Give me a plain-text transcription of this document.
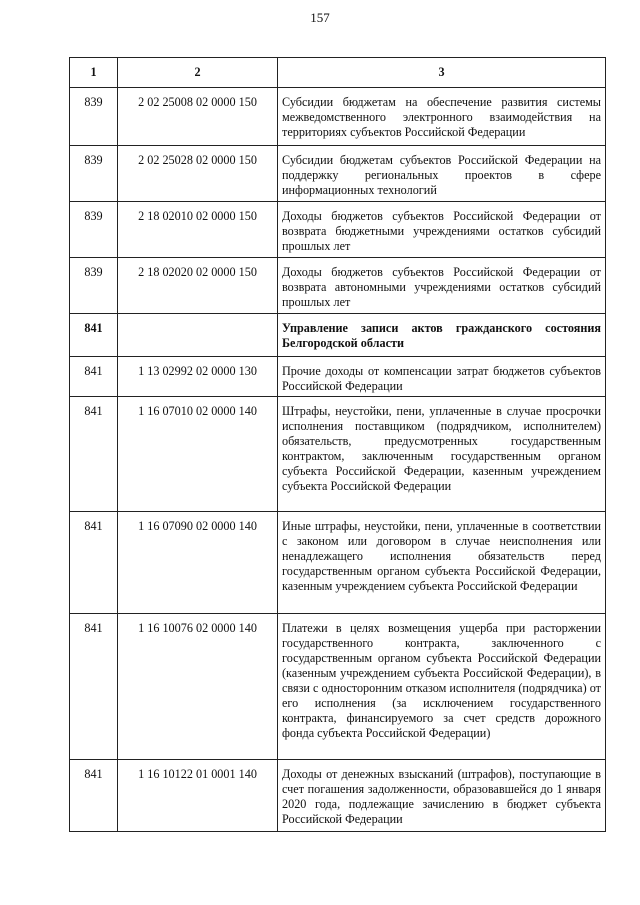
157
1	2	3

839	2 02 25008 02 0000 150	Субсидии бюджетам на обеспечение развития системы межведомственного электронного взаимодействия на территориях субъектов Российской Федерации

839	2 02 25028 02 0000 150	Субсидии бюджетам субъектов Российской Федерации на поддержку региональных проектов в сфере информационных технологий

839	2 18 02010 02 0000 150	Доходы бюджетов субъектов Российской Федерации от возврата бюджетными учреждениями остатков субсидий прошлых лет

839	2 18 02020 02 0000 150	Доходы бюджетов субъектов Российской Федерации от возврата автономными учреждениями остатков субсидий прошлых лет

841		Управление записи актов гражданского состояния Белгородской области

841	1 13 02992 02 0000 130	Прочие доходы от компенсации затрат бюджетов субъектов Российской Федерации

841	1 16 07010 02 0000 140	Штрафы, неустойки, пени, уплаченные в случае просрочки исполнения поставщиком (подрядчиком, исполнителем) обязательств, предусмотренных государственным контрактом, заключенным государственным органом субъекта Российской Федерации, казенным учреждением субъекта Российской Федерации

841	1 16 07090 02 0000 140	Иные штрафы, неустойки, пени, уплаченные в соответствии с законом или договором в случае неисполнения или ненадлежащего исполнения обязательств перед государственным органом субъекта Российской Федерации, казенным учреждением субъекта Российской Федерации

841	1 16 10076 02 0000 140	Платежи в целях возмещения ущерба при расторжении государственного контракта, заключенного с государственным органом субъекта Российской Федерации (казенным учреждением субъекта Российской Федерации), в связи с односторонним отказом исполнителя (подрядчика) от его исполнения (за исключением государственного контракта, финансируемого за счет средств дорожного фонда субъекта Российской Федерации)

841	1 16 10122 01 0001 140	Доходы от денежных взысканий (штрафов), поступающие в счет погашения задолженности, образовавшейся до 1 января 2020 года, подлежащие зачислению в бюджет субъекта Российской Федерации
